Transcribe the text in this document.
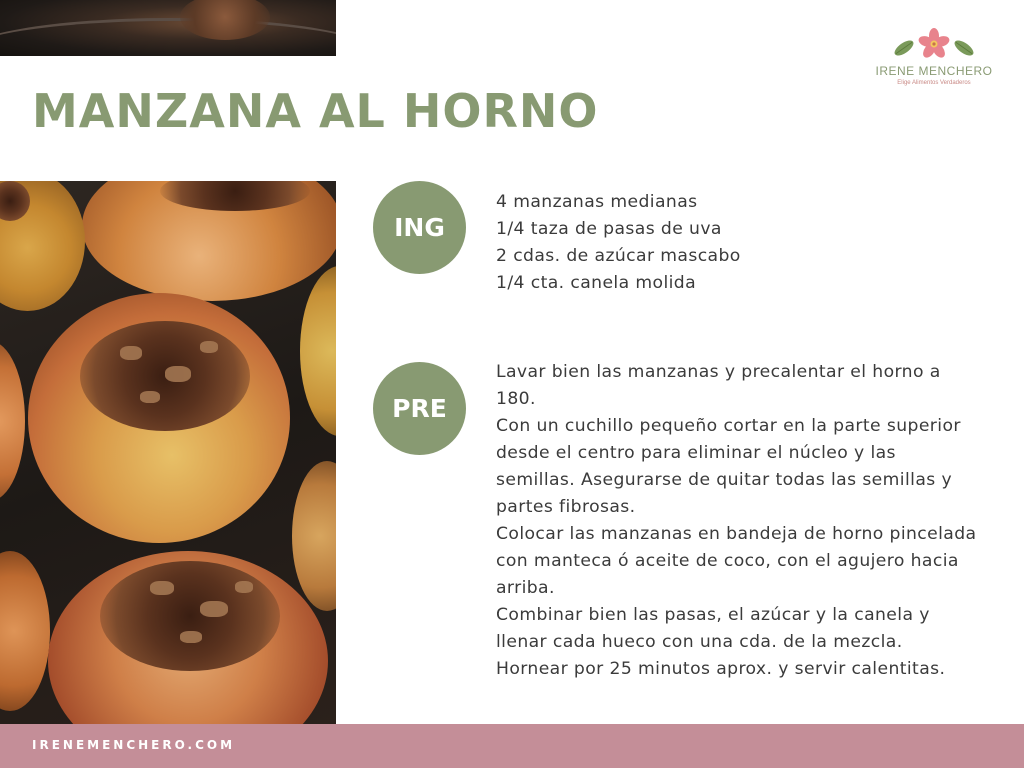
MANZANA AL HORNO
IRENE MENCHERO
Elige Alimentos Verdaderos
ING
4 manzanas medianas
1/4 taza de pasas de uva
2 cdas. de azúcar mascabo
1/4 cta. canela molida
PRE
Lavar bien las manzanas y precalentar el horno a 180.
Con un cuchillo pequeño cortar en la parte superior desde el centro para eliminar el núcleo y las semillas. Asegurarse de quitar todas las semillas y partes fibrosas.
Colocar las manzanas en bandeja de horno pincelada con manteca ó aceite de coco, con el agujero hacia arriba.
Combinar bien las pasas, el azúcar y la canela y llenar cada hueco con una cda. de la mezcla.
Hornear por 25 minutos aprox. y servir calentitas.
IRENEMENCHERO.COM
